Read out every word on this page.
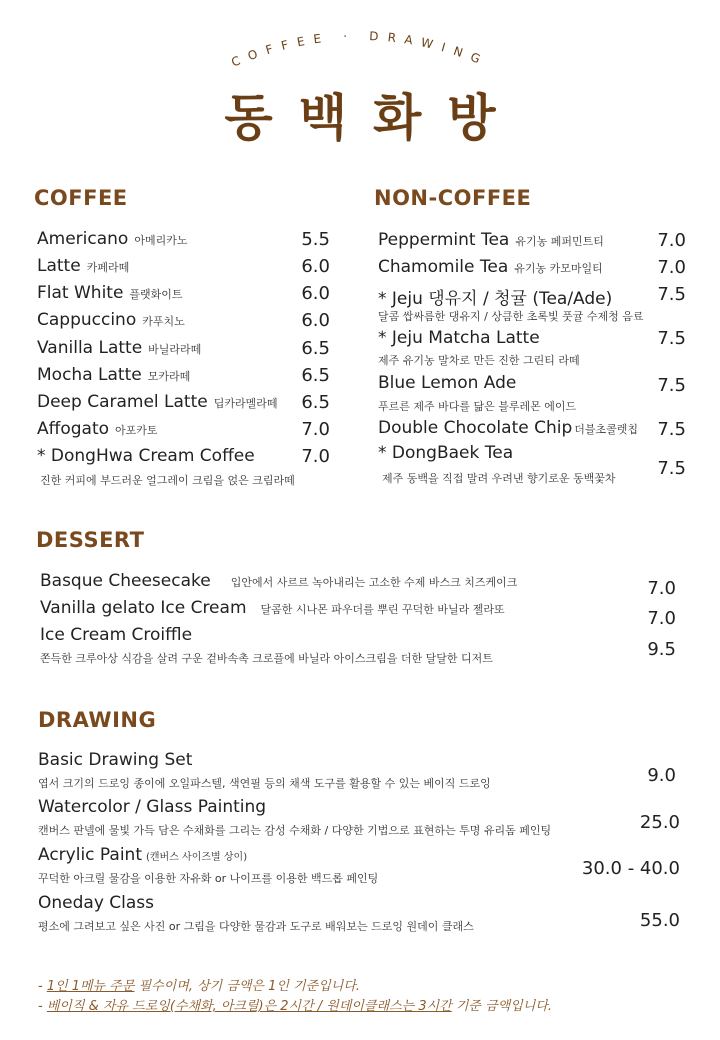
COFFEE · DRAWING
동백화방
COFFEE	NON-COFFEE
DESSERT
DRAWING
Americano 아메리카노	5.5
Latte 카페라떼	6.0
Flat White 플랫화이트	6.0
Cappuccino 카푸치노	6.0
Vanilla Latte 바닐라라떼	6.5
Mocha Latte 모카라떼	6.5
Deep Caramel Latte 딥카라멜라떼 6.5
Affogato 아포카토	7.0
* DongHwa Cream Coffee	7.0
진한 커피에 부드러운 얼그레이 크림을 얹은 크림라떼
Peppermint Tea 유기농 페퍼민트티	7.0
Chamomile Tea 유기농 카모마일티	7.0
* Jeju 댕유지 / 청귤 (Tea/Ade)	7.5
달콤 쌉싸름한 댕유지 / 상큼한 초록빛 풋귤 수제청 음료
* Jeju Matcha Latte	7.5
제주 유기농 말차로 만든 진한 그린티 라떼
Blue Lemon Ade	7.5
푸르른 제주 바다를 닮은 블루레몬 에이드
Double Chocolate Chip 더블초콜렛칩 7.5
* DongBaek Tea
7.5
제주 동백을 직접 말려 우려낸 향기로운 동백꽃차
Basque Cheesecake 입안에서 사르르 녹아내리는 고소한 수제 바스크 치즈케이크	7.0
Vanilla gelato Ice Cream 달콤한 시나몬 파우더를 뿌린 꾸덕한 바닐라 젤라또	7.0
Ice Cream Croiffle
9.5
쫀득한 크루아상 식감을 살려 구운 겉바속촉 크로플에 바닐라 아이스크림을 더한 달달한 디저트
Basic Drawing Set
9.0
엽서 크기의 드로잉 종이에 오일파스텔, 색연필 등의 채색 도구를 활용할 수 있는 베이직 드로잉
Watercolor / Glass Painting
25.0
캔버스 판넬에 물빛 가득 담은 수채화를 그리는 감성 수채화 / 다양한 기법으로 표현하는 투명 유리돔 페인팅
Acrylic Paint (캔버스 사이즈별 상이)
30.0 - 40.0
꾸덕한 아크릴 물감을 이용한 자유화 or 나이프를 이용한 백드롭 페인팅
Oneday Class
55.0
평소에 그려보고 싶은 사진 or 그림을 다양한 물감과 도구로 배워보는 드로잉 원데이 클래스
- 1인 1메뉴 주문 필수이며, 상기 금액은 1인 기준입니다.
- 베이직 & 자유 드로잉(수채화, 아크릴)은 2시간 / 원데이클래스는 3시간 기준 금액입니다.
